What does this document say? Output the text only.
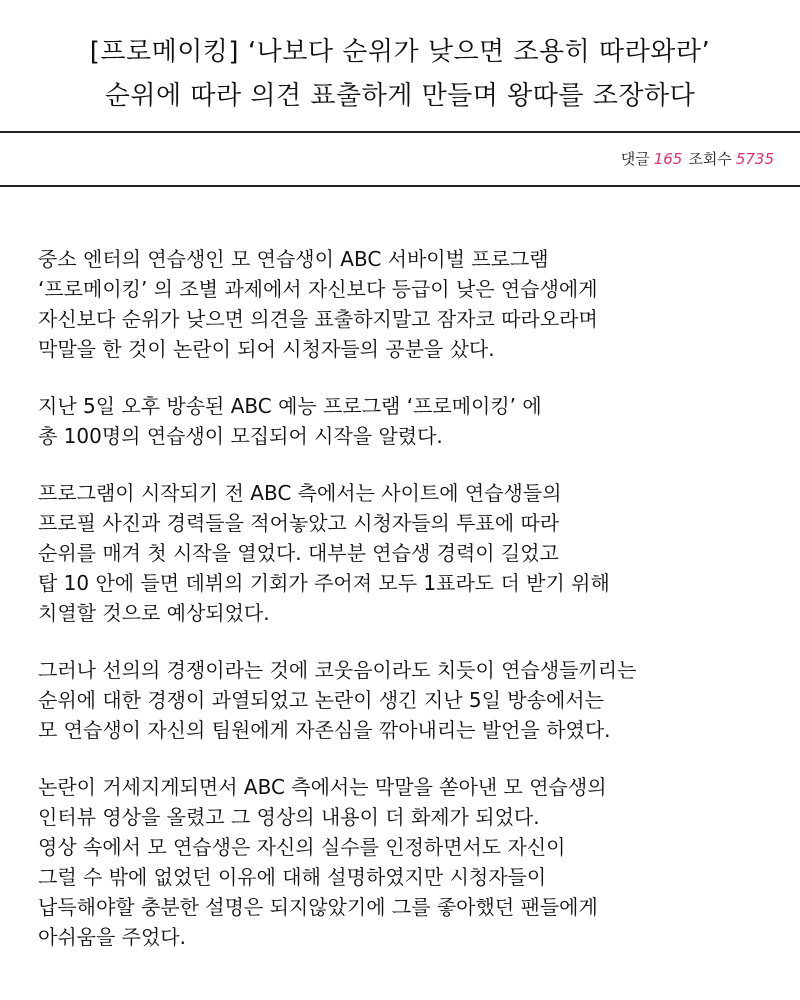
[프로메이킹] ‘나보다 순위가 낮으면 조용히 따라와라’
순위에 따라 의견 표출하게 만들며 왕따를 조장하다
댓글 165 조회수 5735
중소 엔터의 연습생인 모 연습생이 ABC 서바이벌 프로그램
‘프로메이킹’ 의 조별 과제에서 자신보다 등급이 낮은 연습생에게
자신보다 순위가 낮으면 의견을 표출하지말고 잠자코 따라오라며
막말을 한 것이 논란이 되어 시청자들의 공분을 샀다.
지난 5일 오후 방송된 ABC 예능 프로그램 ‘프로메이킹’ 에
총 100명의 연습생이 모집되어 시작을 알렸다.
프로그램이 시작되기 전 ABC 측에서는 사이트에 연습생들의
프로필 사진과 경력들을 적어놓았고 시청자들의 투표에 따라
순위를 매겨 첫 시작을 열었다. 대부분 연습생 경력이 길었고
탑 10 안에 들면 데뷔의 기회가 주어져 모두 1표라도 더 받기 위해
치열할 것으로 예상되었다.
그러나 선의의 경쟁이라는 것에 코웃음이라도 치듯이 연습생들끼리는
순위에 대한 경쟁이 과열되었고 논란이 생긴 지난 5일 방송에서는
모 연습생이 자신의 팀원에게 자존심을 깎아내리는 발언을 하였다.
논란이 거세지게되면서 ABC 측에서는 막말을 쏟아낸 모 연습생의
인터뷰 영상을 올렸고 그 영상의 내용이 더 화제가 되었다.
영상 속에서 모 연습생은 자신의 실수를 인정하면서도 자신이
그럴 수 밖에 없었던 이유에 대해 설명하였지만 시청자들이
납득해야할 충분한 설명은 되지않았기에 그를 좋아했던 팬들에게
아쉬움을 주었다.
